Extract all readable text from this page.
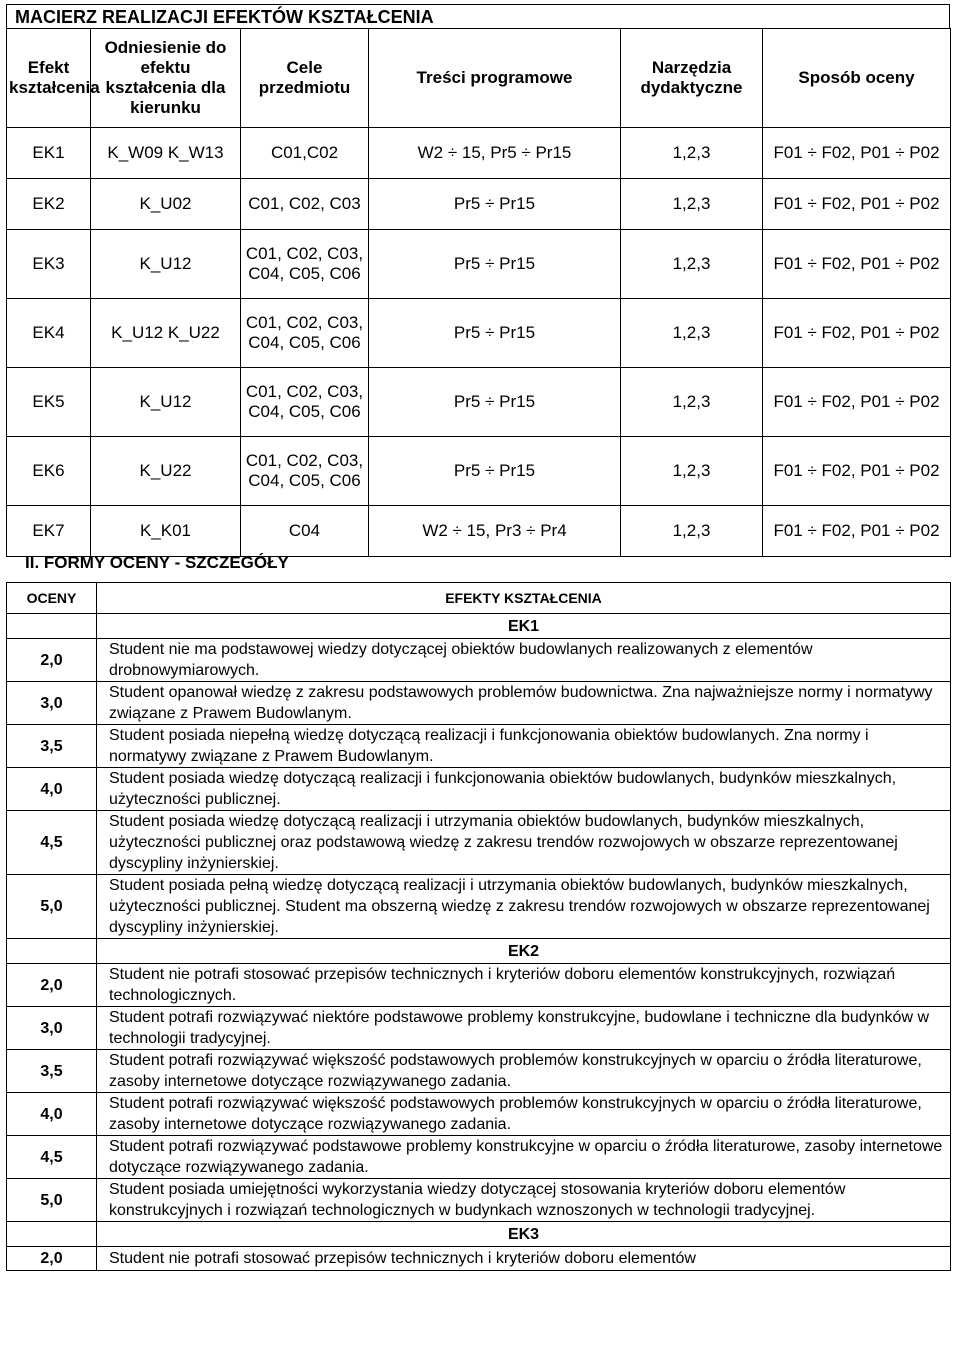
MACIERZ REALIZACJI EFEKTÓW KSZTAŁCENIA
Efekt kształcenia	Odniesienie do efektu kształcenia dla kierunku	Cele przedmiotu	Treści programowe	Narzędzia dydaktyczne	Sposób oceny
EK1	K_W09 K_W13	C01,C02	W2 ÷ 15, Pr5 ÷ Pr15	1,2,3	F01 ÷ F02, P01 ÷ P02
EK2	K_U02	C01, C02, C03	Pr5 ÷ Pr15	1,2,3	F01 ÷ F02, P01 ÷ P02
EK3	K_U12	C01, C02, C03, C04, C05, C06	Pr5 ÷ Pr15	1,2,3	F01 ÷ F02, P01 ÷ P02
EK4	K_U12 K_U22	C01, C02, C03, C04, C05, C06	Pr5 ÷ Pr15	1,2,3	F01 ÷ F02, P01 ÷ P02
EK5	K_U12	C01, C02, C03, C04, C05, C06	Pr5 ÷ Pr15	1,2,3	F01 ÷ F02, P01 ÷ P02
EK6	K_U22	C01, C02, C03, C04, C05, C06	Pr5 ÷ Pr15	1,2,3	F01 ÷ F02, P01 ÷ P02
EK7	K_K01	C04	W2 ÷ 15, Pr3 ÷ Pr4	1,2,3	F01 ÷ F02, P01 ÷ P02
II. FORMY OCENY - SZCZEGÓŁY
OCENY	EFEKTY KSZTAŁCENIA
	EK1
2,0	Student nie ma podstawowej wiedzy dotyczącej obiektów budowlanych realizowanych z elementów drobnowymiarowych.
3,0	Student opanował wiedzę z zakresu podstawowych problemów budownictwa. Zna najważniejsze normy i normatywy związane z Prawem Budowlanym.
3,5	Student posiada niepełną wiedzę dotyczącą realizacji i funkcjonowania obiektów budowlanych. Zna normy i normatywy związane z Prawem Budowlanym.
4,0	Student posiada wiedzę dotyczącą realizacji i funkcjonowania obiektów budowlanych, budynków mieszkalnych, użyteczności publicznej.
4,5	Student posiada wiedzę dotyczącą realizacji i utrzymania obiektów budowlanych, budynków mieszkalnych, użyteczności publicznej oraz podstawową wiedzę z zakresu trendów rozwojowych w obszarze reprezentowanej dyscypliny inżynierskiej.
5,0	Student posiada pełną wiedzę dotyczącą realizacji i utrzymania obiektów budowlanych, budynków mieszkalnych, użyteczności publicznej. Student ma obszerną wiedzę z zakresu trendów rozwojowych w obszarze reprezentowanej dyscypliny inżynierskiej.
	EK2
2,0	Student nie potrafi stosować przepisów technicznych i kryteriów doboru elementów konstrukcyjnych, rozwiązań technologicznych.
3,0	Student potrafi rozwiązywać niektóre podstawowe problemy konstrukcyjne, budowlane i techniczne dla budynków w technologii tradycyjnej.
3,5	Student potrafi rozwiązywać większość podstawowych problemów konstrukcyjnych w oparciu o źródła literaturowe, zasoby internetowe dotyczące rozwiązywanego zadania.
4,0	Student potrafi rozwiązywać większość podstawowych problemów konstrukcyjnych w oparciu o źródła literaturowe, zasoby internetowe dotyczące rozwiązywanego zadania.
4,5	Student potrafi rozwiązywać podstawowe problemy konstrukcyjne w oparciu o źródła literaturowe, zasoby internetowe dotyczące rozwiązywanego zadania.
5,0	Student posiada umiejętności wykorzystania wiedzy dotyczącej stosowania kryteriów doboru elementów konstrukcyjnych i rozwiązań technologicznych w budynkach wznoszonych w technologii tradycyjnej.
	EK3
2,0	Student nie potrafi stosować przepisów technicznych i kryteriów doboru elementów
